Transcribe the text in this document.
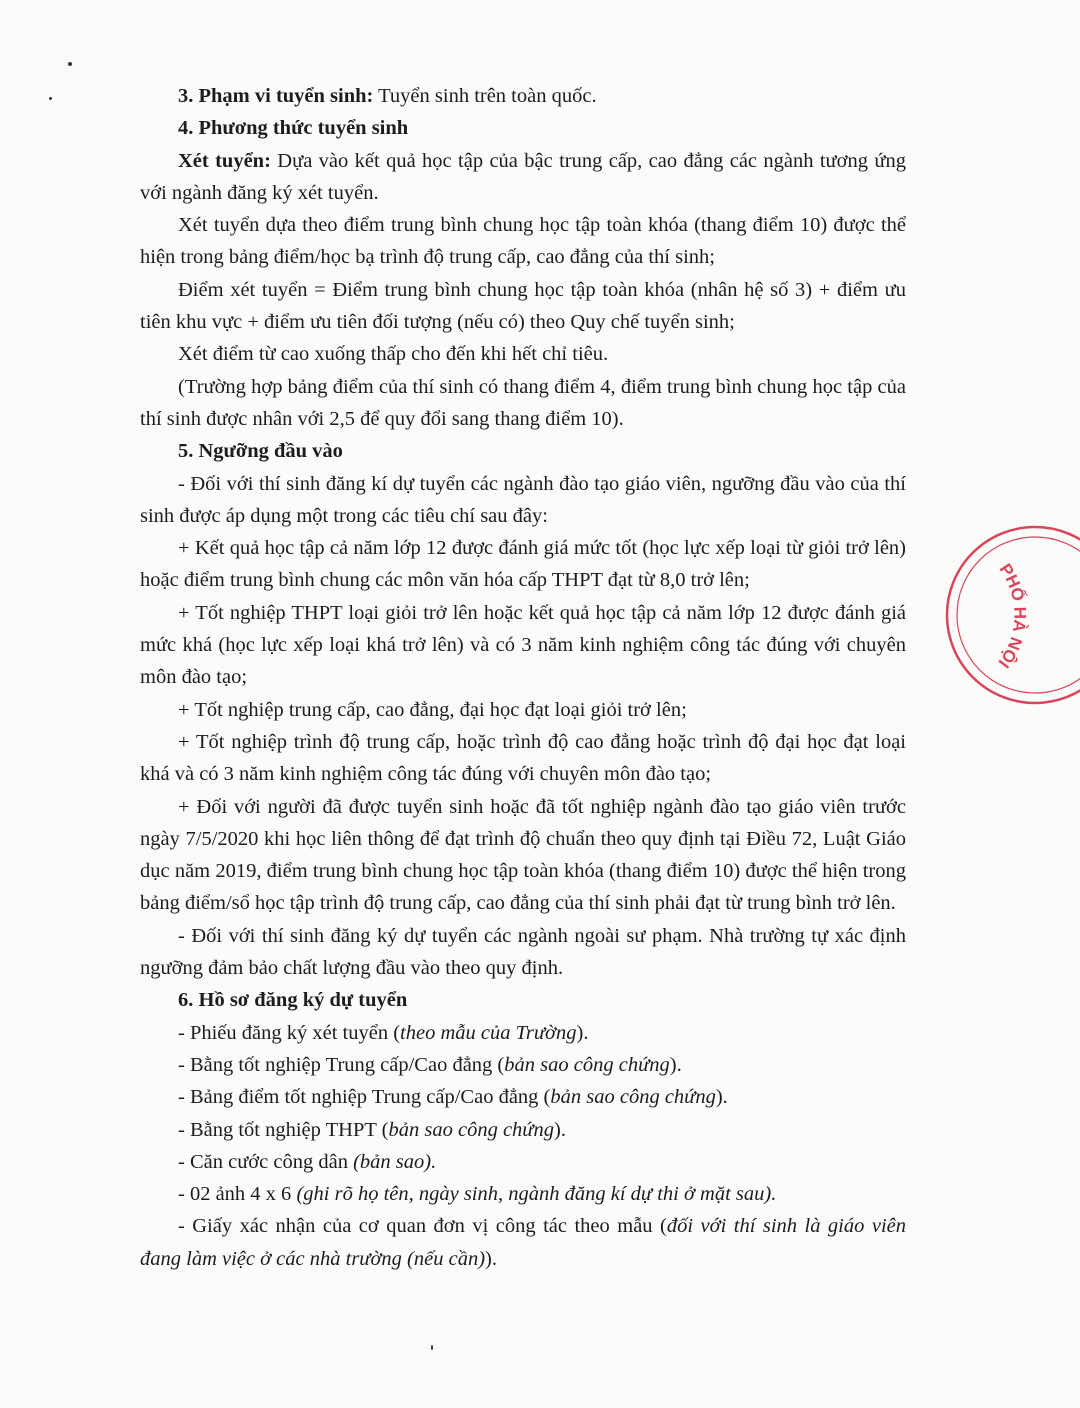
3. Phạm vi tuyển sinh: Tuyển sinh trên toàn quốc.

4. Phương thức tuyển sinh

Xét tuyển: Dựa vào kết quả học tập của bậc trung cấp, cao đẳng các ngành tương ứng với ngành đăng ký xét tuyển.

Xét tuyển dựa theo điểm trung bình chung học tập toàn khóa (thang điểm 10) được thể hiện trong bảng điểm/học bạ trình độ trung cấp, cao đẳng của thí sinh;

Điểm xét tuyển = Điểm trung bình chung học tập toàn khóa (nhân hệ số 3) + điểm ưu tiên khu vực + điểm ưu tiên đối tượng (nếu có) theo Quy chế tuyển sinh;

Xét điểm từ cao xuống thấp cho đến khi hết chỉ tiêu.

(Trường hợp bảng điểm của thí sinh có thang điểm 4, điểm trung bình chung học tập của thí sinh được nhân với 2,5 để quy đổi sang thang điểm 10).

5. Ngưỡng đầu vào

- Đối với thí sinh đăng kí dự tuyển các ngành đào tạo giáo viên, ngưỡng đầu vào của thí sinh được áp dụng một trong các tiêu chí sau đây:

+ Kết quả học tập cả năm lớp 12 được đánh giá mức tốt (học lực xếp loại từ giỏi trở lên) hoặc điểm trung bình chung các môn văn hóa cấp THPT đạt từ 8,0 trở lên;

+ Tốt nghiệp THPT loại giỏi trở lên hoặc kết quả học tập cả năm lớp 12 được đánh giá mức khá (học lực xếp loại khá trở lên) và có 3 năm kinh nghiệm công tác đúng với chuyên môn đào tạo;

+ Tốt nghiệp trung cấp, cao đẳng, đại học đạt loại giỏi trở lên;

+ Tốt nghiệp trình độ trung cấp, hoặc trình độ cao đẳng hoặc trình độ đại học đạt loại khá và có 3 năm kinh nghiệm công tác đúng với chuyên môn đào tạo;

+ Đối với người đã được tuyển sinh hoặc đã tốt nghiệp ngành đào tạo giáo viên trước ngày 7/5/2020 khi học liên thông để đạt trình độ chuẩn theo quy định tại Điều 72, Luật Giáo dục năm 2019, điểm trung bình chung học tập toàn khóa (thang điểm 10) được thể hiện trong bảng điểm/sổ học tập trình độ trung cấp, cao đẳng của thí sinh phải đạt từ trung bình trở lên.

- Đối với thí sinh đăng ký dự tuyển các ngành ngoài sư phạm. Nhà trường tự xác định ngưỡng đảm bảo chất lượng đầu vào theo quy định.

6. Hồ sơ đăng ký dự tuyển

- Phiếu đăng ký xét tuyển (theo mẫu của Trường).

- Bằng tốt nghiệp Trung cấp/Cao đẳng (bản sao công chứng).

- Bảng điểm tốt nghiệp Trung cấp/Cao đẳng (bản sao công chứng).

- Bằng tốt nghiệp THPT (bản sao công chứng).

- Căn cước công dân (bản sao).

- 02 ảnh 4 x 6 (ghi rõ họ tên, ngày sinh, ngành đăng kí dự thi ở mặt sau).

- Giấy xác nhận của cơ quan đơn vị công tác theo mẫu (đối với thí sinh là giáo viên đang làm việc ở các nhà trường (nếu cần)).

PHỐ HÀ NỘI
